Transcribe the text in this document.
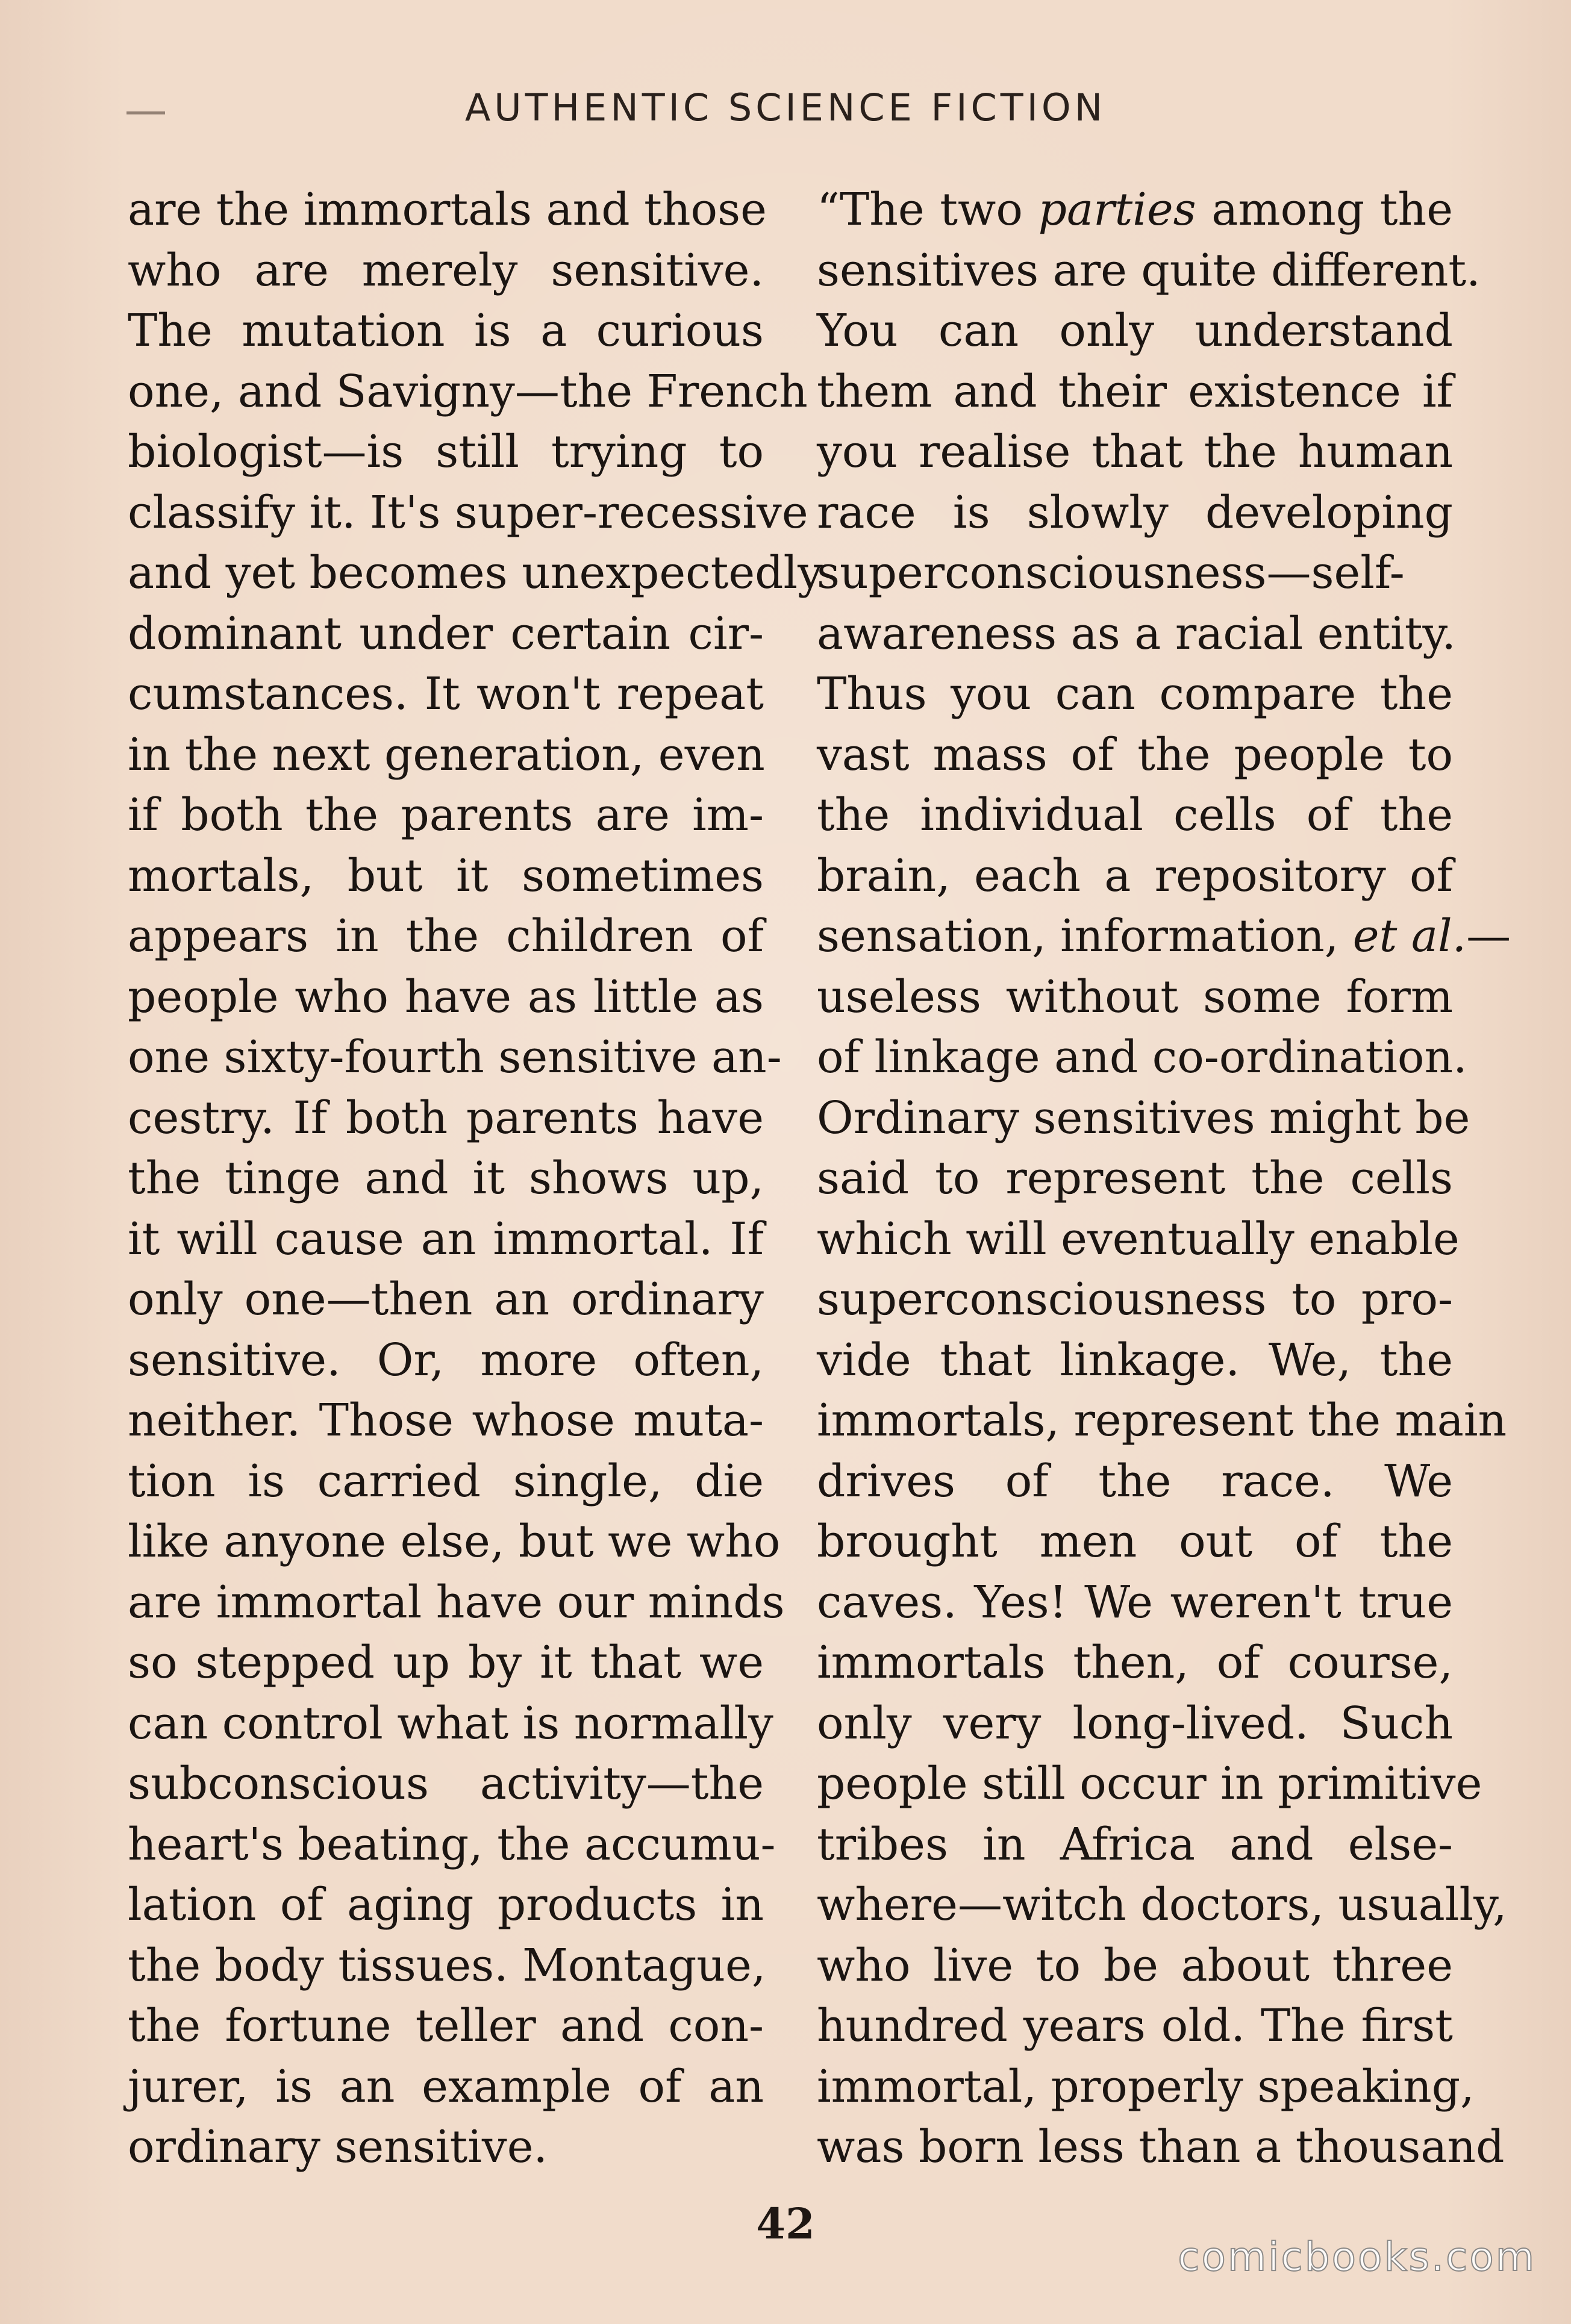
AUTHENTIC SCIENCE FICTION
are the immortals and those
who are merely sensitive.
The mutation is a curious
one, and Savigny—the French
biologist—is still trying to
classify it. It's super-recessive
and yet becomes unexpectedly
dominant under certain cir-
cumstances. It won't repeat
in the next generation, even
if both the parents are im-
mortals, but it sometimes
appears in the children of
people who have as little as
one sixty-fourth sensitive an-
cestry. If both parents have
the tinge and it shows up,
it will cause an immortal. If
only one—then an ordinary
sensitive. Or, more often,
neither. Those whose muta-
tion is carried single, die
like anyone else, but we who
are immortal have our minds
so stepped up by it that we
can control what is normally
subconscious activity—the
heart's beating, the accumu-
lation of aging products in
the body tissues. Montague,
the fortune teller and con-
jurer, is an example of an
ordinary sensitive.
“The two parties among the
sensitives are quite different.
You can only understand
them and their existence if
you realise that the human
race is slowly developing
superconsciousness—self-
awareness as a racial entity.
Thus you can compare the
vast mass of the people to
the individual cells of the
brain, each a repository of
sensation, information, et al.—
useless without some form
of linkage and co-ordination.
Ordinary sensitives might be
said to represent the cells
which will eventually enable
superconsciousness to pro-
vide that linkage. We, the
immortals, represent the main
drives of the race. We
brought men out of the
caves. Yes! We weren't true
immortals then, of course,
only very long-lived. Such
people still occur in primitive
tribes in Africa and else-
where—witch doctors, usually,
who live to be about three
hundred years old. The first
immortal, properly speaking,
was born less than a thousand
42
comicbooks.com
